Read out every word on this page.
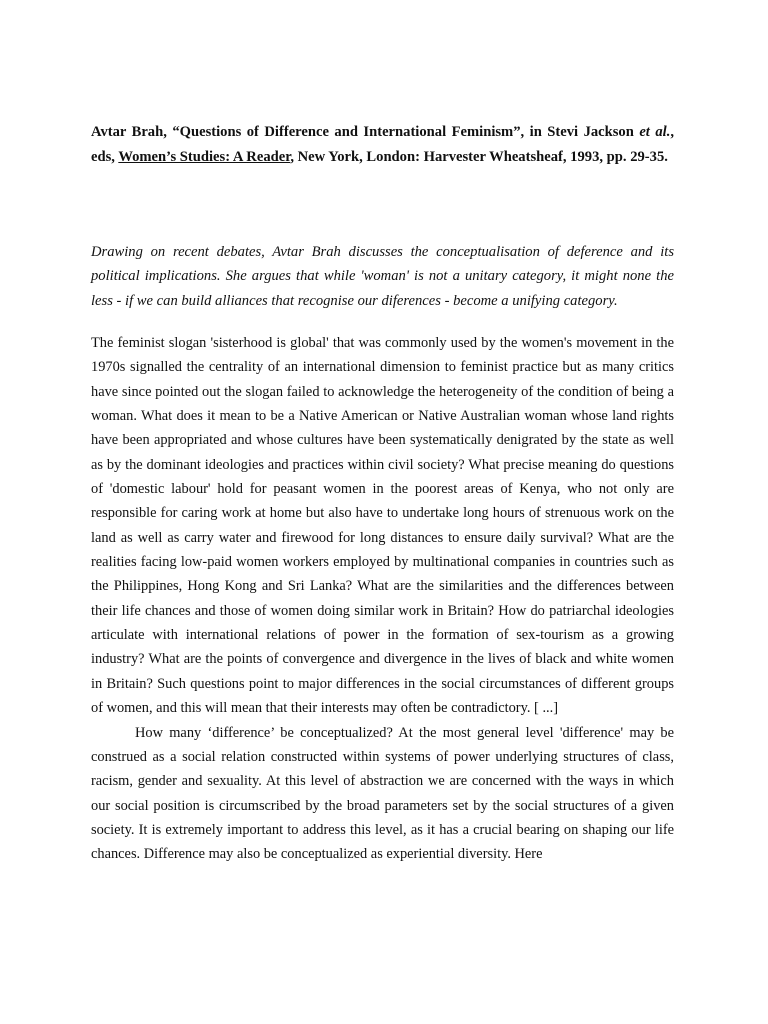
Avtar Brah, “Questions of Difference and International Feminism”, in Stevi Jackson et al., eds, Women’s Studies: A Reader, New York, London: Harvester Wheatsheaf, 1993, pp. 29-35.
Drawing on recent debates, Avtar Brah discusses the conceptualisation of deference and its political implications. She argues that while 'woman' is not a unitary category, it might none the less - if we can build alliances that recognise our diferences - become a unifying category.

The feminist slogan 'sisterhood is global' that was commonly used by the women's movement in the 1970s signalled the centrality of an international dimension to feminist practice but as many critics have since pointed out the slogan failed to acknowledge the heterogeneity of the condition of being a woman. What does it mean to be a Native American or Native Australian woman whose land rights have been appropriated and whose cultures have been systematically denigrated by the state as well as by the dominant ideologies and practices within civil society? What precise meaning do questions of 'domestic labour' hold for peasant women in the poorest areas of Kenya, who not only are responsible for caring work at home but also have to undertake long hours of strenuous work on the land as well as carry water and firewood for long distances to ensure daily survival? What are the realities facing low-paid women workers employed by multinational companies in countries such as the Philippines, Hong Kong and Sri Lanka? What are the similarities and the differences between their life chances and those of women doing similar work in Britain? How do patriarchal ideologies articulate with international relations of power in the formation of sex-tourism as a growing industry? What are the points of convergence and divergence in the lives of black and white women in Britain? Such questions point to major differences in the social circumstances of different groups of women, and this will mean that their interests may often be contradictory. [ ...]

How many ‘difference’ be conceptualized? At the most general level 'difference' may be construed as a social relation constructed within systems of power underlying structures of class, racism, gender and sexuality. At this level of abstraction we are concerned with the ways in which our social position is circumscribed by the broad parameters set by the social structures of a given society. It is extremely important to address this level, as it has a crucial bearing on shaping our life chances. Difference may also be conceptualized as experiential diversity. Here
